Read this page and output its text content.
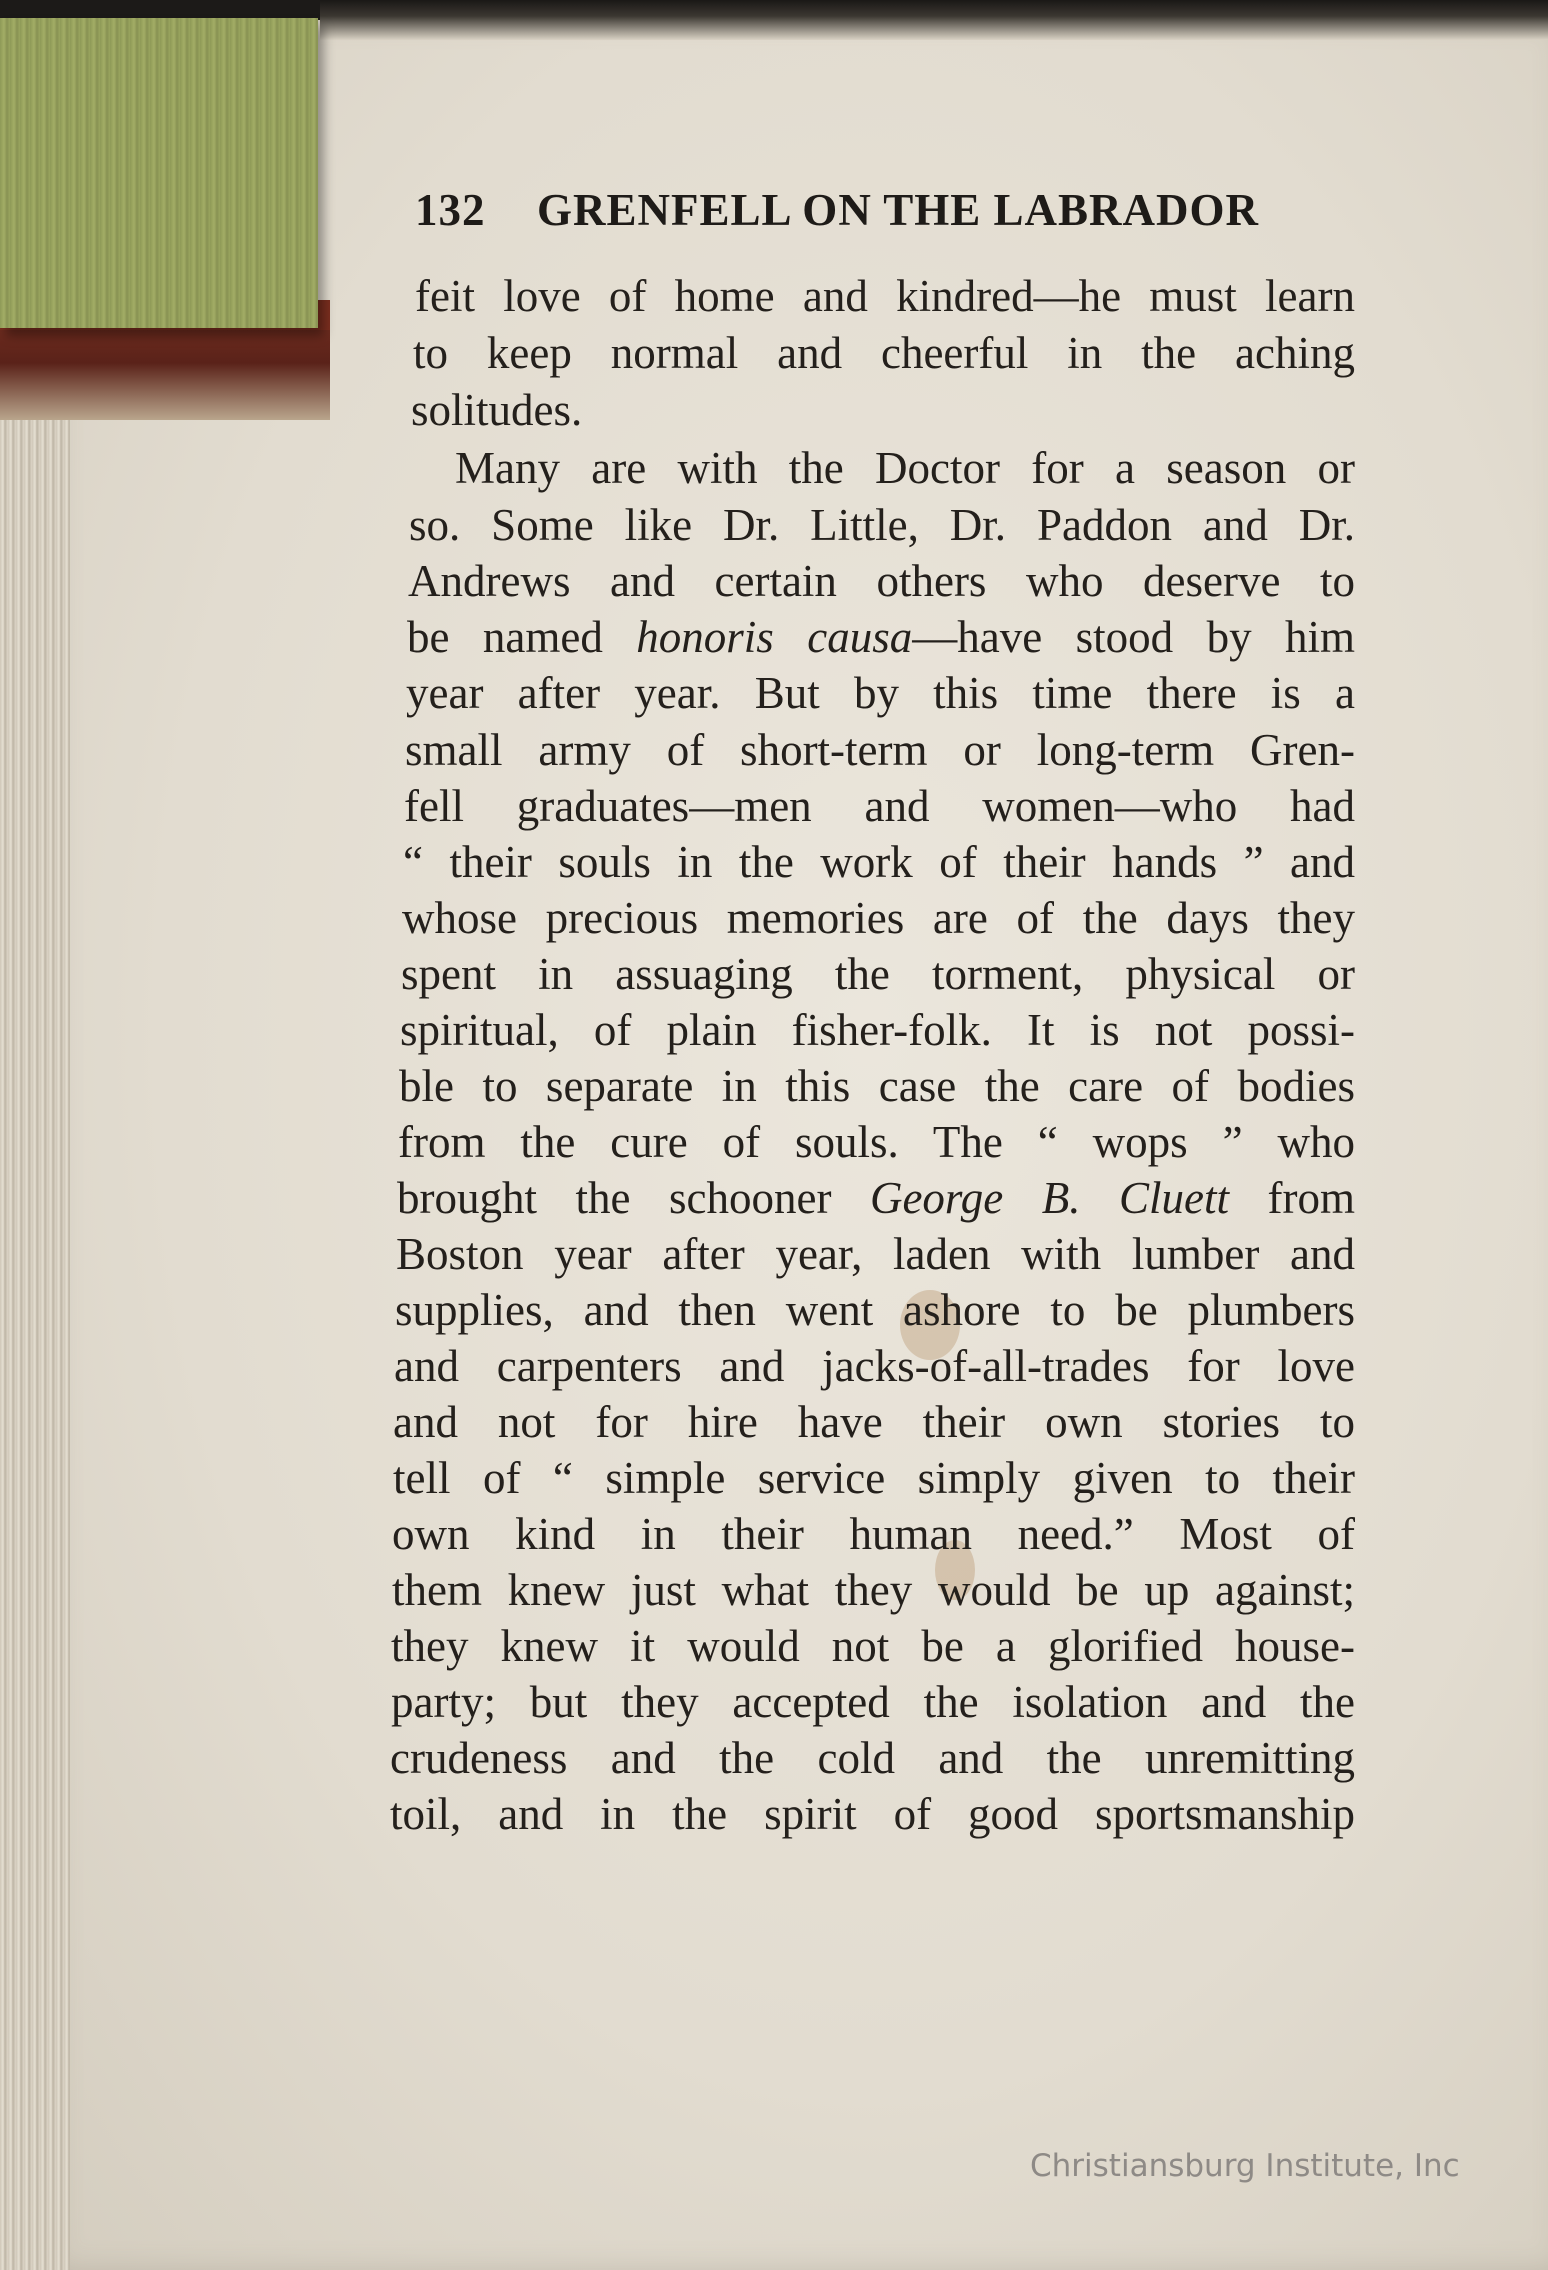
132 GRENFELL ON THE LABRADOR
feit love of home and kindred—he must learn
to keep normal and cheerful in the aching
solitudes.
Many are with the Doctor for a season or
so. Some like Dr. Little, Dr. Paddon and Dr.
Andrews and certain others who deserve to
be named honoris causa—have stood by him
year after year. But by this time there is a
small army of short-term or long-term Gren-
fell graduates—men and women—who had
“ their souls in the work of their hands ” and
whose precious memories are of the days they
spent in assuaging the torment, physical or
spiritual, of plain fisher-folk. It is not possi-
ble to separate in this case the care of bodies
from the cure of souls. The “ wops ” who
brought the schooner George B. Cluett from
Boston year after year, laden with lumber and
supplies, and then went ashore to be plumbers
and carpenters and jacks-of-all-trades for love
and not for hire have their own stories to
tell of “ simple service simply given to their
own kind in their human need.” Most of
them knew just what they would be up against;
they knew it would not be a glorified house-
party; but they accepted the isolation and the
crudeness and the cold and the unremitting
toil, and in the spirit of good sportsmanship
Christiansburg Institute, Inc
